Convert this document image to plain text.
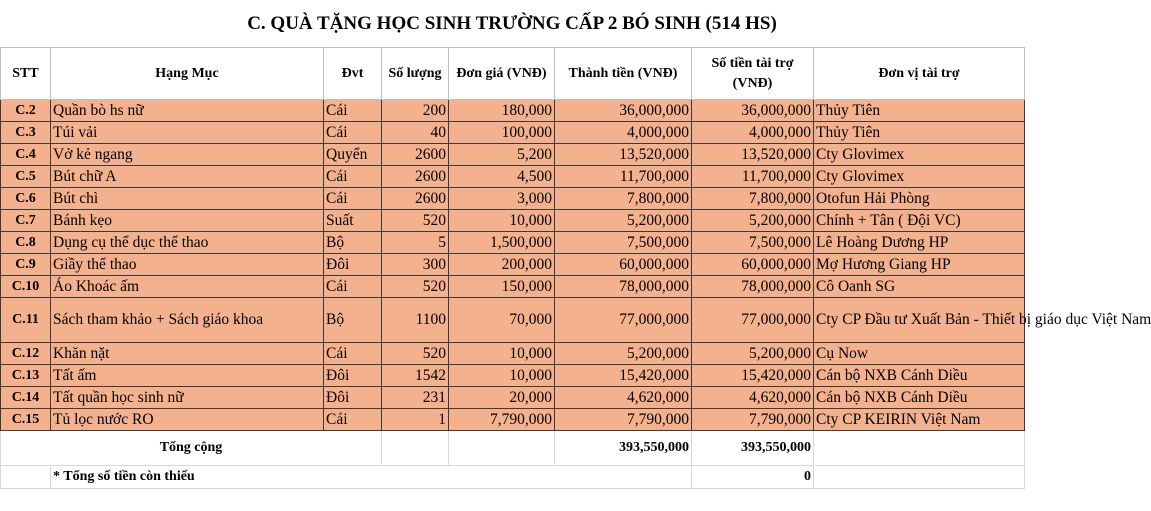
C. QUÀ TẶNG HỌC SINH TRƯỜNG CẤP 2 BÓ SINH (514 HS)
STT	Hạng Mục	Đvt	Số lượng	Đơn giá (VNĐ)	Thành tiền (VNĐ)	Số tiền tài trợ (VNĐ)	Đơn vị tài trợ
C.2	Quần bò hs nữ	Cái	200	180,000	36,000,000	36,000,000	Thủy Tiên
C.3	Túi vải	Cái	40	100,000	4,000,000	4,000,000	Thủy Tiên
C.4	Vở kẻ ngang	Quyển	2600	5,200	13,520,000	13,520,000	Cty Glovimex
C.5	Bút chữ A	Cái	2600	4,500	11,700,000	11,700,000	Cty Glovimex
C.6	Bút chì	Cái	2600	3,000	7,800,000	7,800,000	Otofun Hải Phòng
C.7	Bánh kẹo	Suất	520	10,000	5,200,000	5,200,000	Chính + Tân ( Đội VC)
C.8	Dụng cụ thể dục thể thao	Bộ	5	1,500,000	7,500,000	7,500,000	Lê Hoàng Dương HP
C.9	Giầy thể thao	Đôi	300	200,000	60,000,000	60,000,000	Mợ Hương Giang HP
C.10	Áo Khoác ấm	Cái	520	150,000	78,000,000	78,000,000	Cô Oanh SG
C.11	Sách tham khảo + Sách giáo khoa	Bộ	1100	70,000	77,000,000	77,000,000	Cty CP Đầu tư Xuất Bản - Thiết bị giáo dục Việt Nam
C.12	Khăn nặt	Cái	520	10,000	5,200,000	5,200,000	Cụ Now
C.13	Tất ấm	Đôi	1542	10,000	15,420,000	15,420,000	Cán bộ NXB Cánh Diều
C.14	Tất quần học sinh nữ	Đôi	231	20,000	4,620,000	4,620,000	Cán bộ NXB Cánh Diều
C.15	Tủ lọc nước RO	Cái	1	7,790,000	7,790,000	7,790,000	Cty CP KEIRIN Việt Nam
Tổng cộng					393,550,000	393,550,000	
	* Tổng số tiền còn thiếu					0	
